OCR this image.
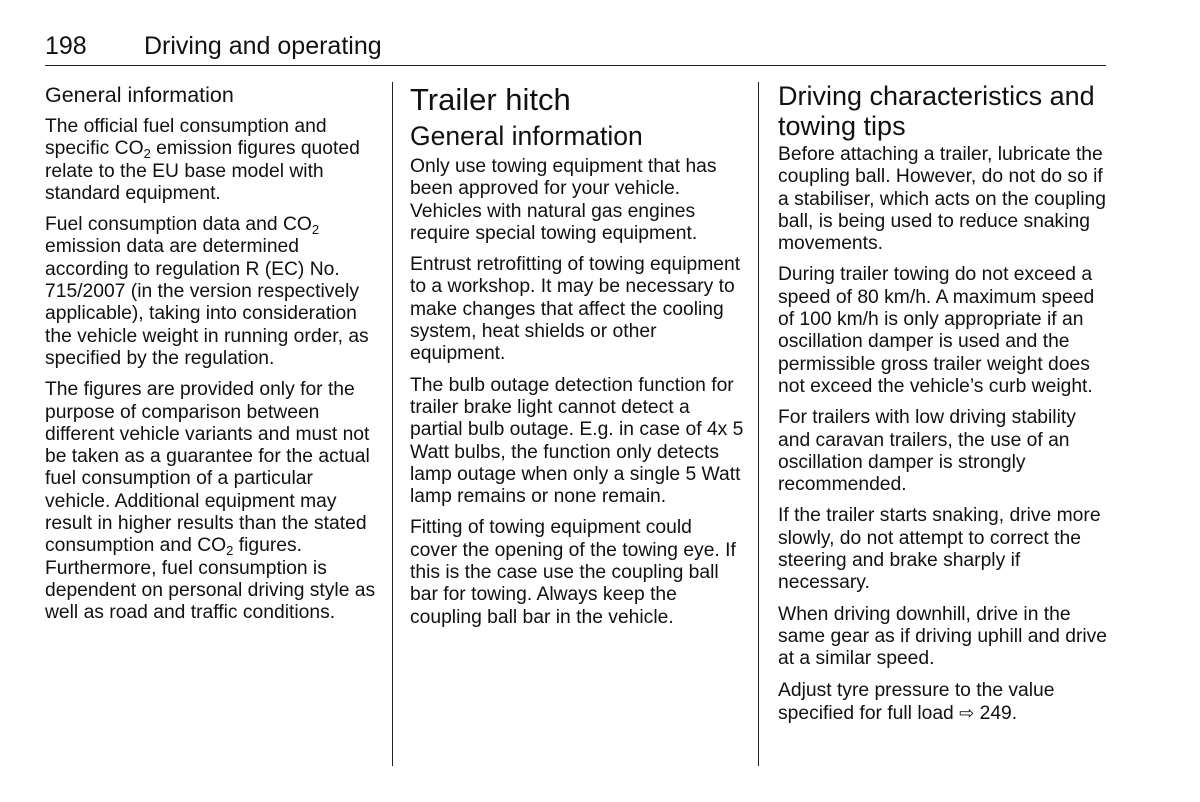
198 Driving and operating
General information

The official fuel consumption and specific $CO_2$ emission figures quoted relate to the EU base model with standard equipment.

Fuel consumption data and $CO_2$ emission data are determined according to regulation R (EC) No. 715/2007 (in the version respectively applicable), taking into consideration the vehicle weight in running order, as specified by the regulation.

The figures are provided only for the purpose of comparison between different vehicle variants and must not be taken as a guarantee for the actual fuel consumption of a particular vehicle. Additional equipment may result in higher results than the stated consumption and $CO_2$ figures. Furthermore, fuel consumption is dependent on personal driving style as well as road and traffic conditions.

Trailer hitch
General information

Only use towing equipment that has been approved for your vehicle. Vehicles with natural gas engines require special towing equipment.

Entrust retrofitting of towing equipment to a workshop. It may be necessary to make changes that affect the cooling system, heat shields or other equipment.

The bulb outage detection function for trailer brake light cannot detect a partial bulb outage. E.g. in case of 4x 5 Watt bulbs, the function only detects lamp outage when only a single 5 Watt lamp remains or none remain.

Fitting of towing equipment could cover the opening of the towing eye. If this is the case use the coupling ball bar for towing. Always keep the coupling ball bar in the vehicle.

Driving characteristics and towing tips

Before attaching a trailer, lubricate the coupling ball. However, do not do so if a stabiliser, which acts on the coupling ball, is being used to reduce snaking movements.

During trailer towing do not exceed a speed of 80 km/h. A maximum speed of 100 km/h is only appropriate if an oscillation damper is used and the permissible gross trailer weight does not exceed the vehicle’s curb weight.

For trailers with low driving stability and caravan trailers, the use of an oscillation damper is strongly recommended.

If the trailer starts snaking, drive more slowly, do not attempt to correct the steering and brake sharply if necessary.

When driving downhill, drive in the same gear as if driving uphill and drive at a similar speed.

Adjust tyre pressure to the value specified for full load ⇨ 249.
